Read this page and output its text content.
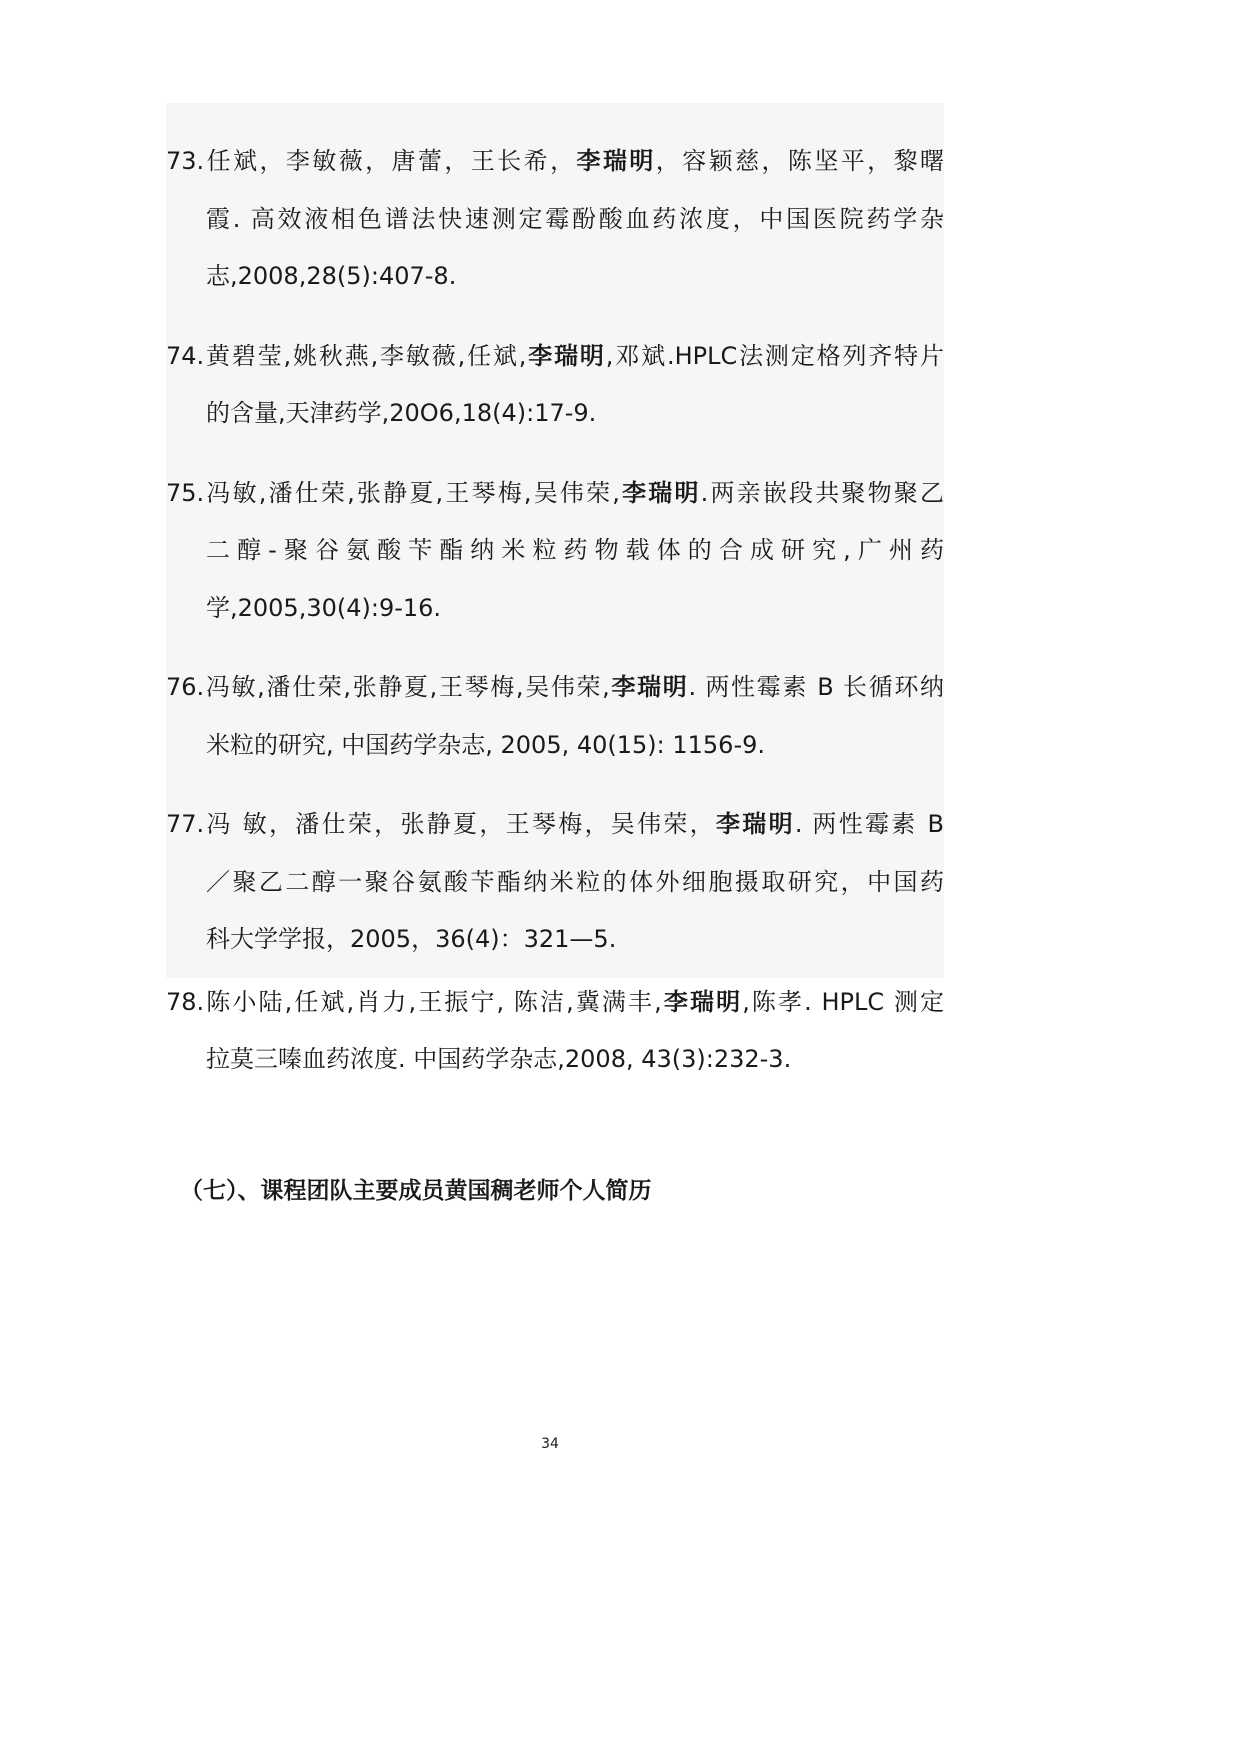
73.任斌，李敏薇，唐蕾，王长希，李瑞明，容颖慈，陈坚平，黎曙
霞. 高效液相色谱法快速测定霉酚酸血药浓度，中国医院药学杂
志,2008,28(5):407-8.
74.黄碧莹,姚秋燕,李敏薇,任斌,李瑞明,邓斌.HPLC法测定格列齐特片
的含量,天津药学,20O6,18(4):17-9.
75.冯敏,潘仕荣,张静夏,王琴梅,吴伟荣,李瑞明.两亲嵌段共聚物聚乙
二醇-聚谷氨酸苄酯纳米粒药物载体的合成研究,广州药
学,2005,30(4):9-16.
76.冯敏,潘仕荣,张静夏,王琴梅,吴伟荣,李瑞明. 两性霉素 B 长循环纳
米粒的研究, 中国药学杂志, 2005, 40(15): 1156-9.
77.冯 敏，潘仕荣，张静夏，王琴梅，吴伟荣，李瑞明. 两性霉素 B
／聚乙二醇一聚谷氨酸苄酯纳米粒的体外细胞摄取研究，中国药
科大学学报，2005，36(4)：321—5.
78.陈小陆,任斌,肖力,王振宁, 陈洁,冀满丰,李瑞明,陈孝. HPLC 测定
拉莫三嗪血药浓度. 中国药学杂志,2008, 43(3):232-3.
（七）、课程团队主要成员黄国稠老师个人简历
34
